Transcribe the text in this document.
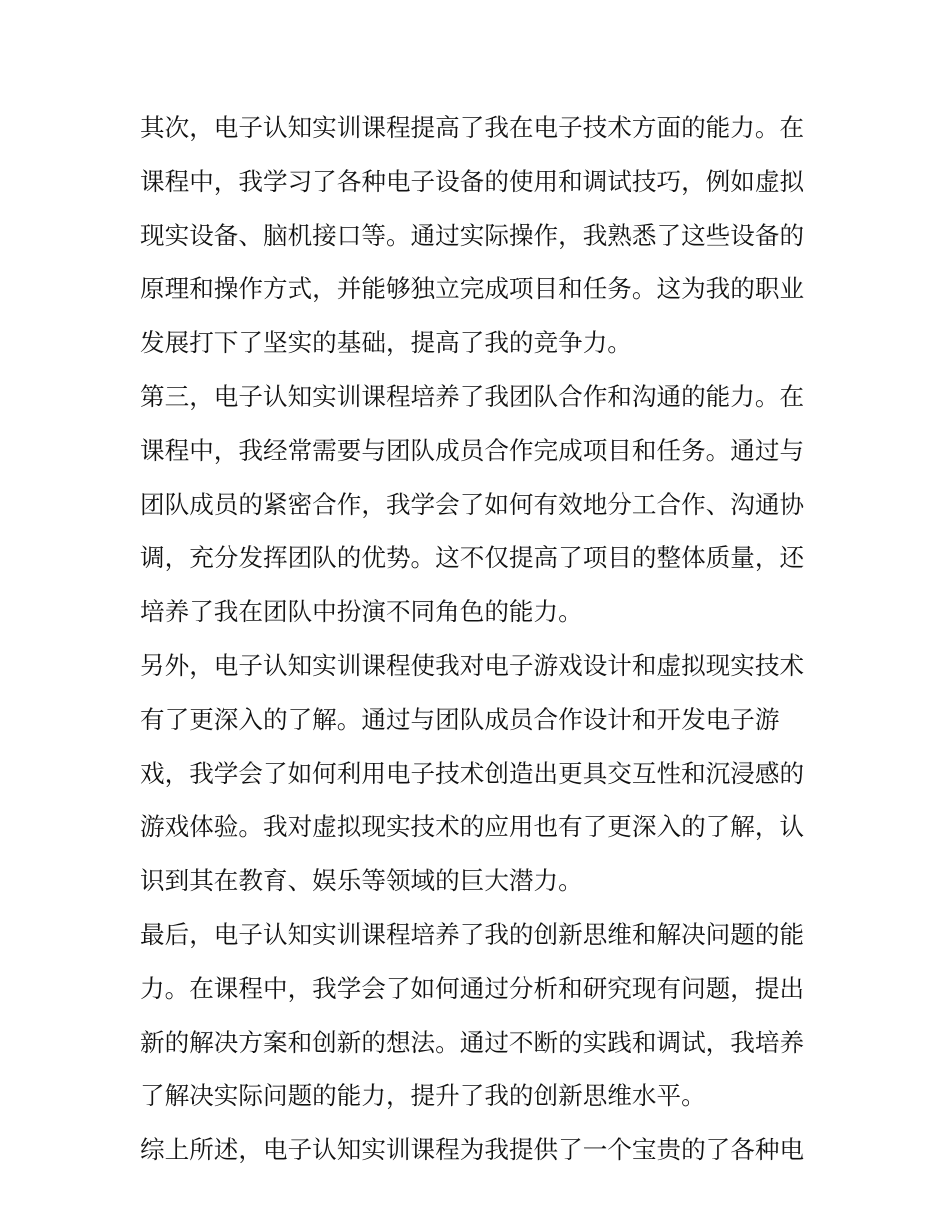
其次，电子认知实训课程提高了我在电子技术方面的能力。在
课程中，我学习了各种电子设备的使用和调试技巧，例如虚拟
现实设备、脑机接口等。通过实际操作，我熟悉了这些设备的
原理和操作方式，并能够独立完成项目和任务。这为我的职业
发展打下了坚实的基础，提高了我的竞争力。
第三，电子认知实训课程培养了我团队合作和沟通的能力。在
课程中，我经常需要与团队成员合作完成项目和任务。通过与
团队成员的紧密合作，我学会了如何有效地分工合作、沟通协
调，充分发挥团队的优势。这不仅提高了项目的整体质量，还
培养了我在团队中扮演不同角色的能力。
另外，电子认知实训课程使我对电子游戏设计和虚拟现实技术
有了更深入的了解。通过与团队成员合作设计和开发电子游
戏，我学会了如何利用电子技术创造出更具交互性和沉浸感的
游戏体验。我对虚拟现实技术的应用也有了更深入的了解，认
识到其在教育、娱乐等领域的巨大潜力。
最后，电子认知实训课程培养了我的创新思维和解决问题的能
力。在课程中，我学会了如何通过分析和研究现有问题，提出
新的解决方案和创新的想法。通过不断的实践和调试，我培养
了解决实际问题的能力，提升了我的创新思维水平。
综上所述，电子认知实训课程为我提供了一个宝贵的了各种电
